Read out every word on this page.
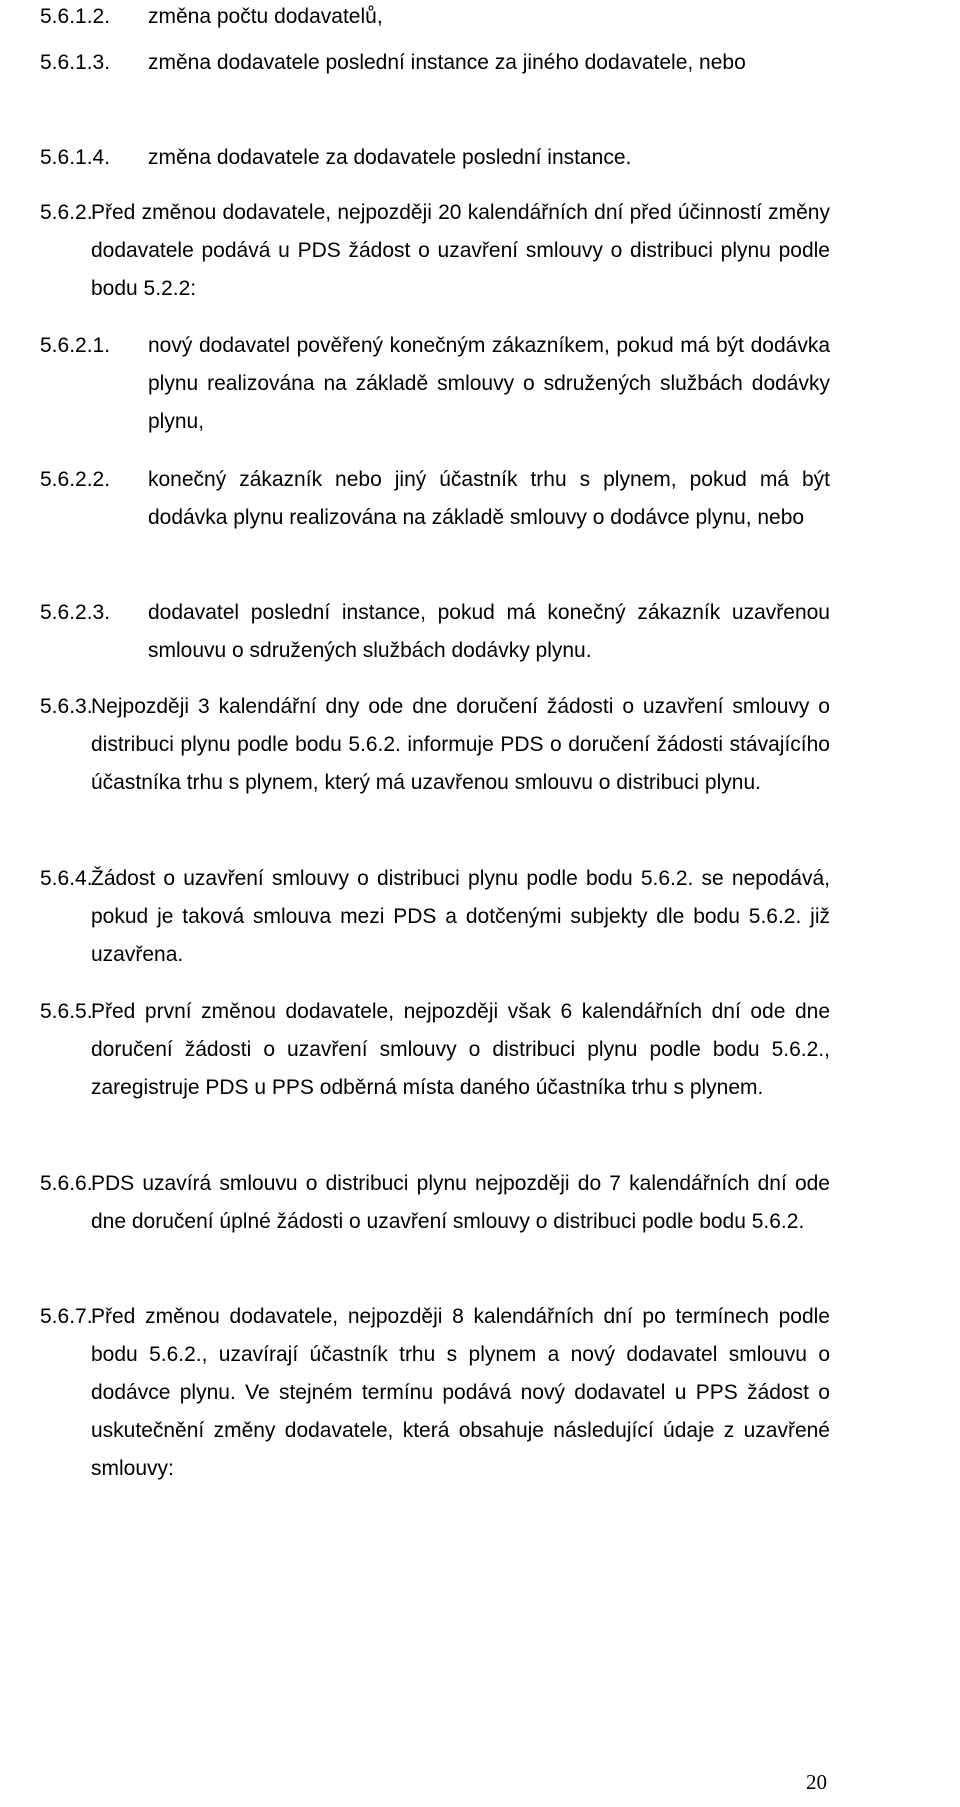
5.6.1.2. změna počtu dodavatelů,
5.6.1.3. změna dodavatele poslední instance za jiného dodavatele, nebo
5.6.1.4. změna dodavatele za dodavatele poslední instance.
5.6.2.
Před změnou dodavatele, nejpozději 20 kalendářních dní před účinností změny dodavatele podává u PDS žádost o uzavření smlouvy o distribuci plynu podle bodu 5.2.2:
5.6.2.1. nový dodavatel pověřený konečným zákazníkem, pokud má být dodávka plynu realizována na základě smlouvy o sdružených službách dodávky plynu,
5.6.2.2. konečný zákazník nebo jiný účastník trhu s plynem, pokud má být dodávka plynu realizována na základě smlouvy o dodávce plynu, nebo
5.6.2.3. dodavatel poslední instance, pokud má konečný zákazník uzavřenou smlouvu o sdružených službách dodávky plynu.
5.6.3.
Nejpozději 3 kalendářní dny ode dne doručení žádosti o uzavření smlouvy o distribuci plynu podle bodu 5.6.2. informuje PDS o doručení žádosti stávajícího účastníka trhu s plynem, který má uzavřenou smlouvu o distribuci plynu.
5.6.4.
Žádost o uzavření smlouvy o distribuci plynu podle bodu 5.6.2. se nepodává, pokud je taková smlouva mezi PDS a dotčenými subjekty dle bodu 5.6.2. již uzavřena.
5.6.5.
Před první změnou dodavatele, nejpozději však 6 kalendářních dní ode dne doručení žádosti o uzavření smlouvy o distribuci plynu podle bodu 5.6.2., zaregistruje PDS u PPS odběrná místa daného účastníka trhu s plynem.
5.6.6.
PDS uzavírá smlouvu o distribuci plynu nejpozději do 7 kalendářních dní ode dne doručení úplné žádosti o uzavření smlouvy o distribuci podle bodu 5.6.2.
5.6.7.
Před změnou dodavatele, nejpozději 8 kalendářních dní po termínech podle bodu 5.6.2., uzavírají účastník trhu s plynem a nový dodavatel smlouvu o dodávce plynu. Ve stejném termínu podává nový dodavatel u PPS žádost o uskutečnění změny dodavatele, která obsahuje následující údaje z uzavřené smlouvy:
20
